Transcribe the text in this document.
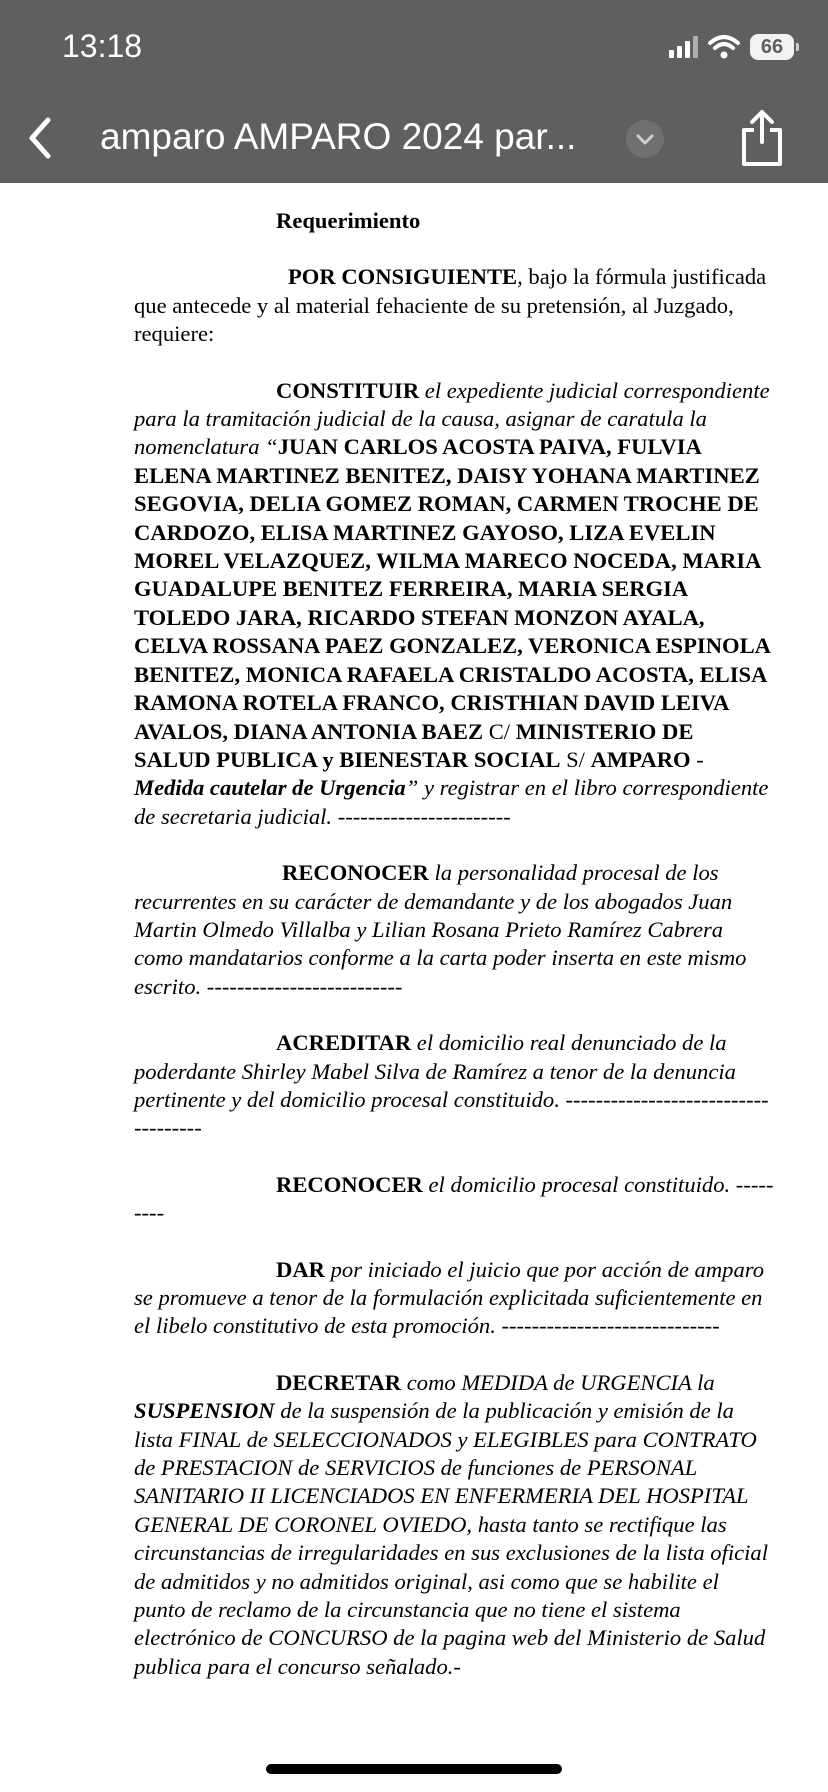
13:18	66
amparo AMPARO 2024 par...

Requerimiento

POR CONSIGUIENTE, bajo la fórmula justificada que antecede y al material fehaciente de su pretensión, al Juzgado, requiere:

CONSTITUIR el expediente judicial correspondiente para la tramitación judicial de la causa, asignar de caratula la nomenclatura “JUAN CARLOS ACOSTA PAIVA, FULVIA ELENA MARTINEZ BENITEZ, DAISY YOHANA MARTINEZ SEGOVIA, DELIA GOMEZ ROMAN, CARMEN TROCHE DE CARDOZO, ELISA MARTINEZ GAYOSO, LIZA EVELIN MOREL VELAZQUEZ, WILMA MARECO NOCEDA, MARIA GUADALUPE BENITEZ FERREIRA, MARIA SERGIA TOLEDO JARA, RICARDO STEFAN MONZON AYALA, CELVA ROSSANA PAEZ GONZALEZ, VERONICA ESPINOLA BENITEZ, MONICA RAFAELA CRISTALDO ACOSTA, ELISA RAMONA ROTELA FRANCO, CRISTHIAN DAVID LEIVA AVALOS, DIANA ANTONIA BAEZ C/ MINISTERIO DE SALUD PUBLICA y BIENESTAR SOCIAL S/ AMPARO - Medida cautelar de Urgencia” y registrar en el libro correspondiente de secretaria judicial. -----------------------

RECONOCER la personalidad procesal de los recurrentes en su carácter de demandante y de los abogados Juan Martin Olmedo Villalba y Lilian Rosana Prieto Ramírez Cabrera como mandatarios conforme a la carta poder inserta en este mismo escrito. --------------------------

ACREDITAR el domicilio real denunciado de la poderdante Shirley Mabel Silva de Ramírez a tenor de la denuncia pertinente y del domicilio procesal constituido. ------------------------------------

RECONOCER el domicilio procesal constituido. ---------

DAR por iniciado el juicio que por acción de amparo se promueve a tenor de la formulación explicitada suficientemente en el libelo constitutivo de esta promoción. -----------------------------

DECRETAR como MEDIDA de URGENCIA la SUSPENSION de la suspensión de la publicación y emisión de la lista FINAL de SELECCIONADOS y ELEGIBLES para CONTRATO de PRESTACION de SERVICIOS de funciones de PERSONAL SANITARIO II LICENCIADOS EN ENFERMERIA DEL HOSPITAL GENERAL DE CORONEL OVIEDO, hasta tanto se rectifique las circunstancias de irregularidades en sus exclusiones de la lista oficial de admitidos y no admitidos original, asi como que se habilite el punto de reclamo de la circunstancia que no tiene el sistema electrónico de CONCURSO de la pagina web del Ministerio de Salud publica para el concurso señalado.-
